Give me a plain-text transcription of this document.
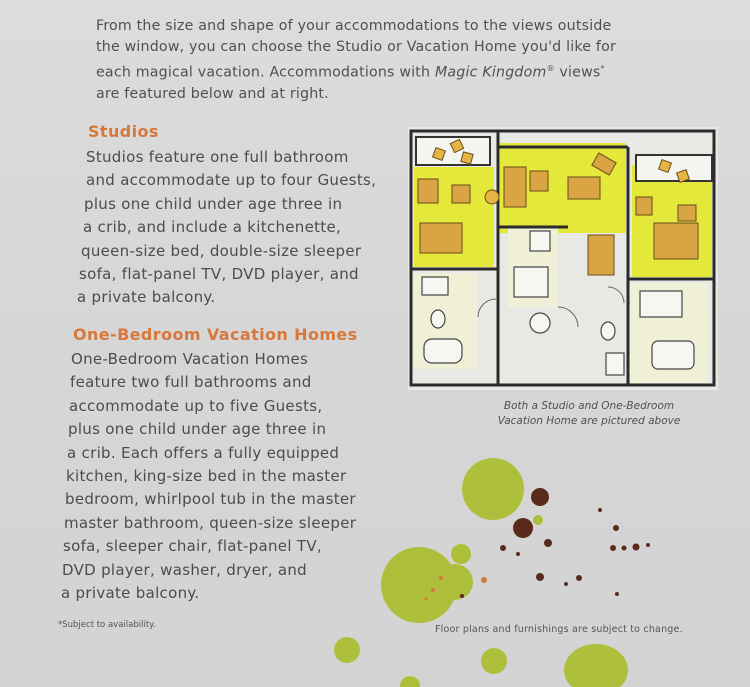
From the size and shape of your accommodations to the views outside
the window, you can choose the Studio or Vacation Home you'd like for
each magical vacation. Accommodations with Magic Kingdom® views*
are featured below and at right.
Studios
Studios feature one full bathroom
and accommodate up to four Guests,
plus one child under age three in
a crib, and include a kitchenette,
queen-size bed, double-size sleeper
sofa, flat-panel TV, DVD player, and
a private balcony.
One-Bedroom Vacation Homes
One-Bedroom Vacation Homes
feature two full bathrooms and
accommodate up to five Guests,
plus one child under age three in
a crib. Each offers a fully equipped
kitchen, king-size bed in the master
bedroom, whirlpool tub in the master
master bathroom, queen-size sleeper
sofa, sleeper chair, flat-panel TV,
DVD player, washer, dryer, and
a private balcony.
Both a Studio and One-Bedroom
Vacation Home are pictured above
*Subject to availability.	Floor plans and furnishings are subject to change.
